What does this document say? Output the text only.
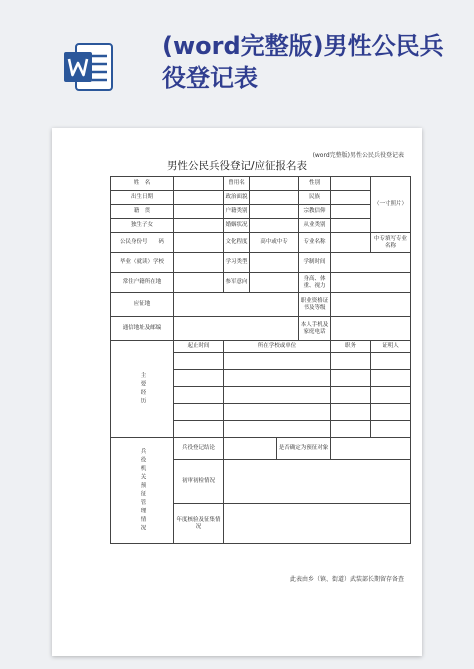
(word完整版)男性公民兵役登记表
(word完整版)男性公民兵役登记表
男性公民兵役登记/应征报名表
姓　名		曾用名			性别		（一寸照片）
出生日期		政治面貌			民族		
籍　贯		户籍类别			宗教信仰		
独生子女		婚姻状况			从业类别		
公民身份号　　码		文化程度	高中或中专		专业名称		中专填写专业名称
毕业（就读）学校		学习类型			学制时间		
常住户籍所在地		参军意向			身高、体重、视力		
应征地					职业资格证书及等级		
通信地址及邮编					本人手机及家庭电话		

主要经历	起止时间	所在学校或单位				职务	证明人

兵役机关预征管理情况	兵役登记结论			是否确定为预征对象			
	初审初检情况						
	年度核验及征集情况						
此表由乡（镇、街道）武装部长期留存备查
